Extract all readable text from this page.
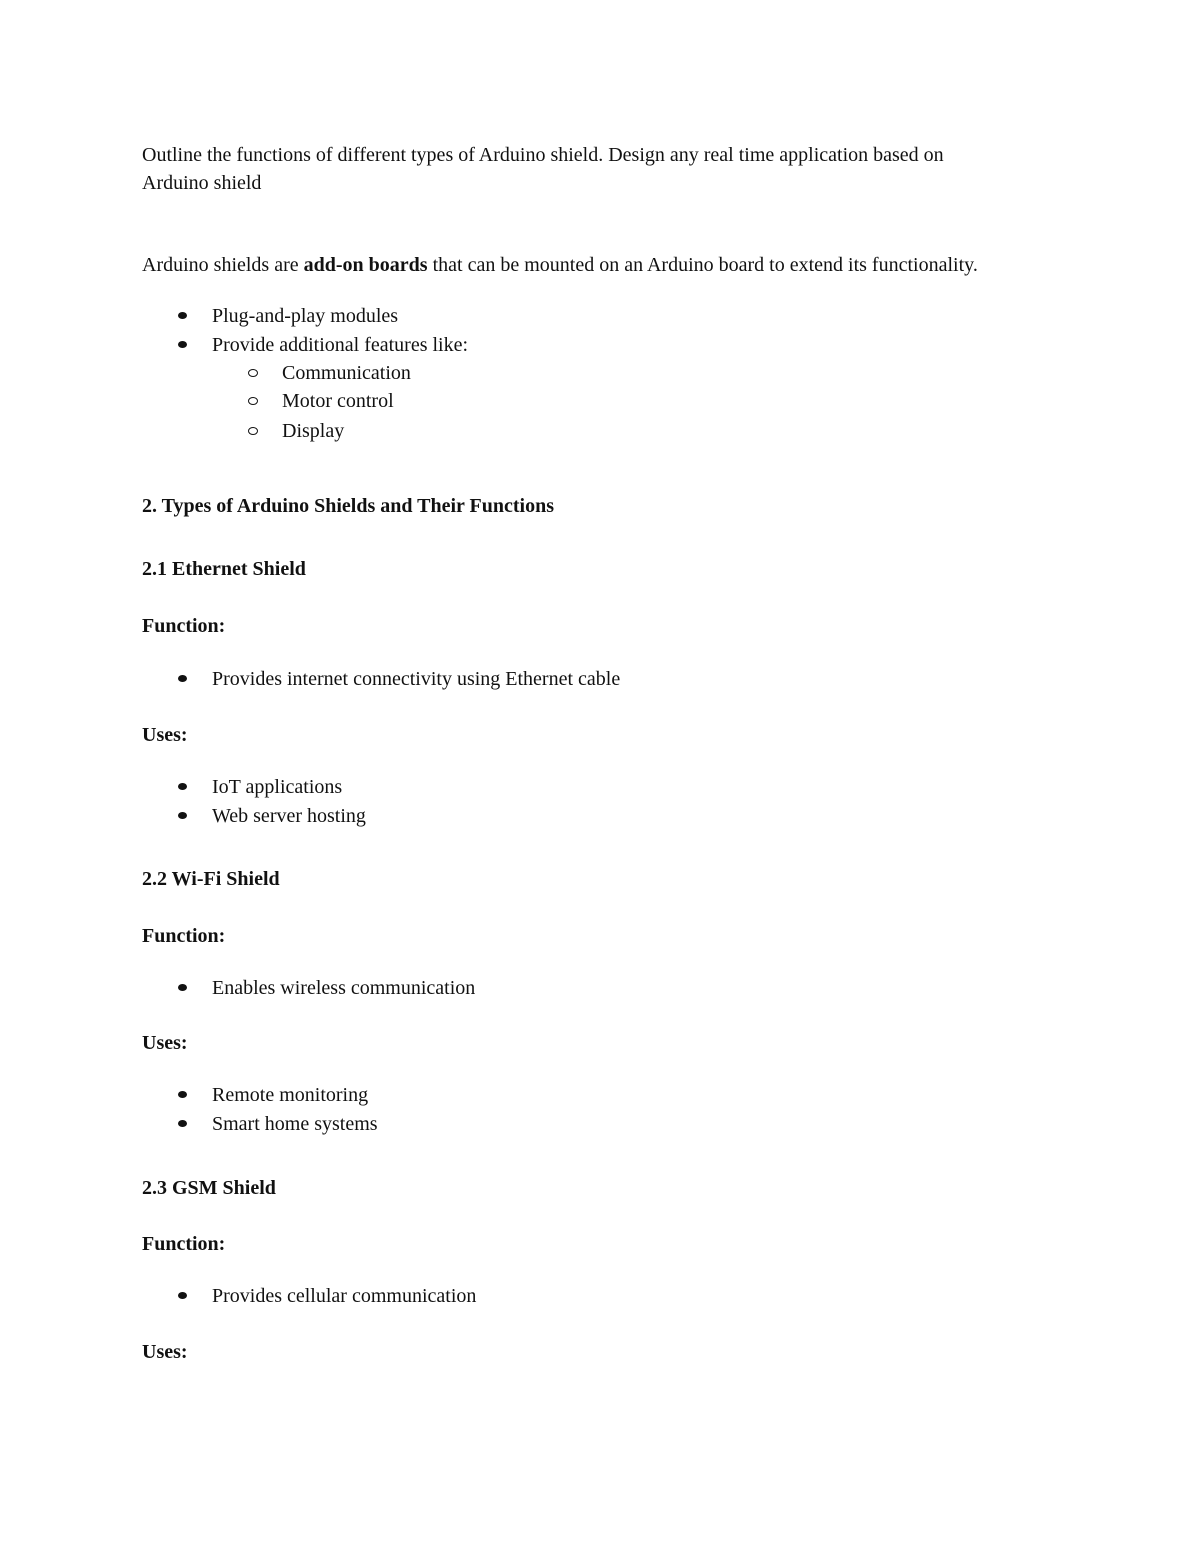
Outline the functions of different types of Arduino shield. Design any real time application based on
Arduino shield
Arduino shields are add-on boards that can be mounted on an Arduino board to extend its functionality.
Plug-and-play modules
Provide additional features like:
Communication
Motor control
Display
2. Types of Arduino Shields and Their Functions
2.1 Ethernet Shield
Function:
Provides internet connectivity using Ethernet cable
Uses:
IoT applications
Web server hosting
2.2 Wi-Fi Shield
Function:
Enables wireless communication
Uses:
Remote monitoring
Smart home systems
2.3 GSM Shield
Function:
Provides cellular communication
Uses:
